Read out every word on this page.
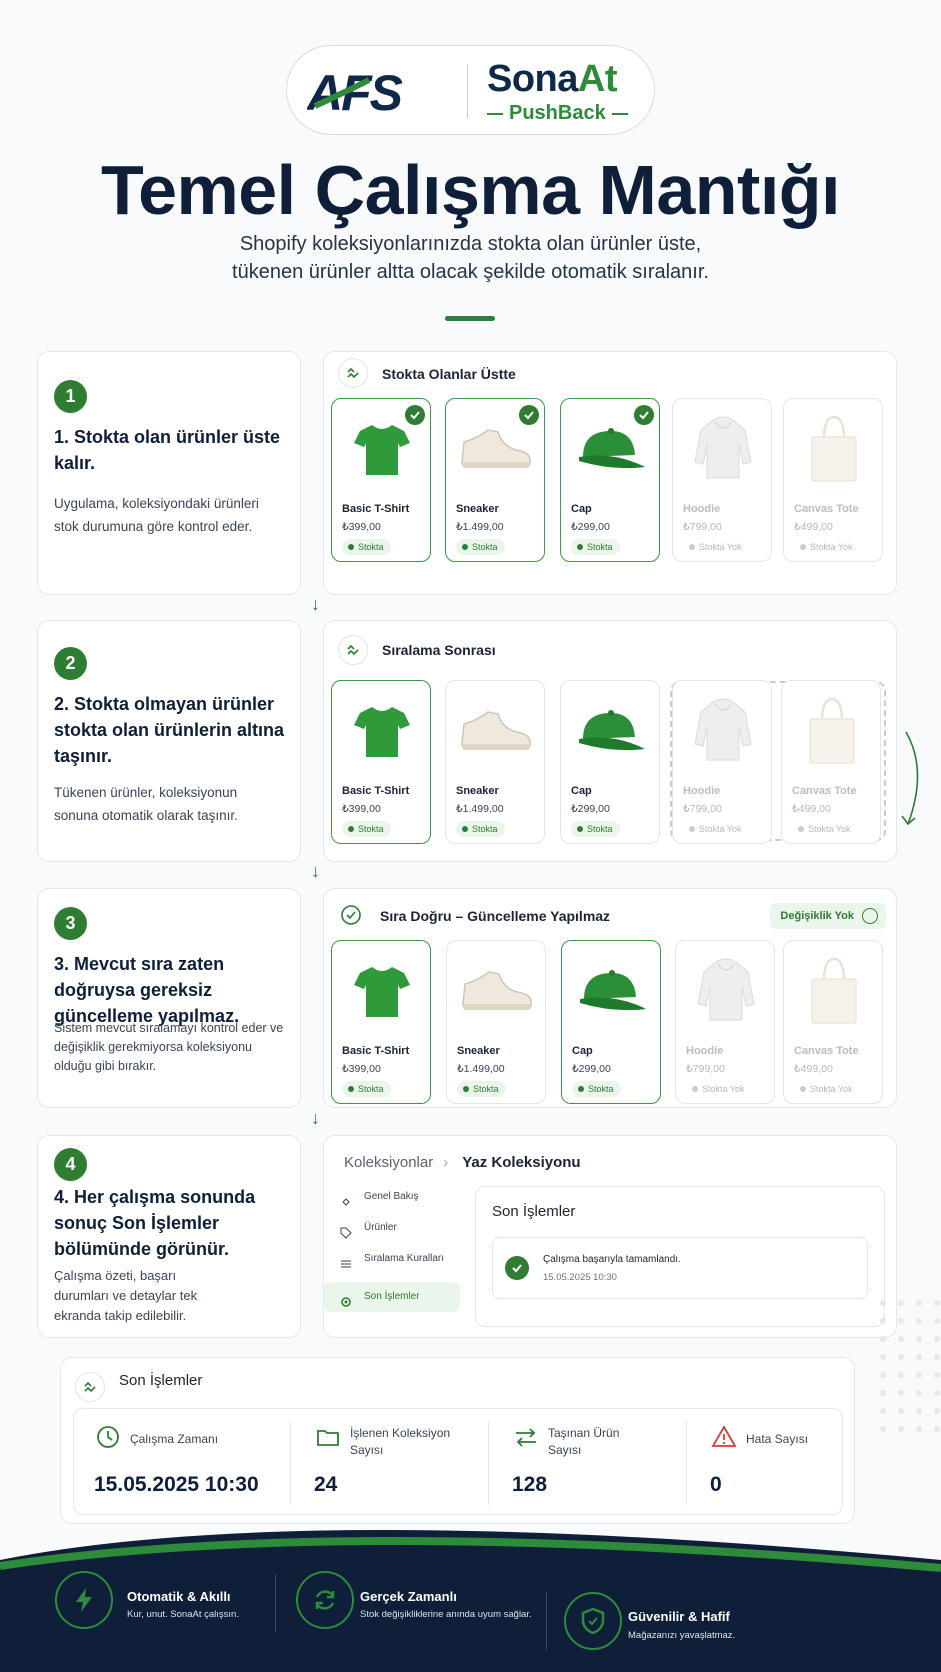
AFS SonaAt
PushBack
Temel Çalışma Mantığı
Shopify koleksiyonlarınızda stokta olan ürünler üste,
tükenen ürünler altta olacak şekilde otomatik sıralanır.
1
1. Stokta olan ürünler üste kalır.
Uygulama, koleksiyondaki ürünleri stok durumuna göre kontrol eder.
Stokta Olanlar Üstte
2
2. Stokta olmayan ürünler stokta olan ürünlerin altına taşınır.
Tükenen ürünler, koleksiyonun sonuna otomatik olarak taşınır.
Sıralama Sonrası
3
3. Mevcut sıra zaten doğruysa gereksiz güncelleme yapılmaz.
Sistem mevcut sıralamayı kontrol eder ve değişiklik gerekmiyorsa koleksiyonu olduğu gibi bırakır.
Sıra Doğru – Güncelleme Yapılmaz	Değişiklik Yok
4
4. Her çalışma sonunda sonuç Son İşlemler bölümünde görünür.
Çalışma özeti, başarı durumları ve detaylar tek ekranda takip edilebilir.
Koleksiyonlar › Yaz Koleksiyonu
Genel Bakış
Ürünler
Sıralama Kuralları
Son İşlemler
Son İşlemler
Çalışma başarıyla tamamlandı.
15.05.2025 10:30
↓
↓
↓
Basic T-Shirt
₺399,00
Stokta
Sneaker
₺1.499,00
Stokta
Cap
₺299,00
Stokta
Hoodie
₺799,00
Stokta Yok
Canvas Tote
₺499,00
Stokta Yok
Basic T-Shirt
₺399,00
Stokta
Sneaker
₺1.499,00
Stokta
Cap
₺299,00
Stokta
Hoodie
₺799,00
Stokta Yok
Canvas Tote
₺499,00
Stokta Yok
Basic T-Shirt
₺399,00
Stokta
Sneaker
₺1.499,00
Stokta
Cap
₺299,00
Stokta
Hoodie
₺799,00
Stokta Yok
Canvas Tote
₺499,00
Stokta Yok
Son İşlemler
Çalışma Zamanı
15.05.2025 10:30
İşlenen Koleksiyon Sayısı
24
Taşınan Ürün Sayısı
128
Hata Sayısı
0
Otomatik & Akıllı
Kur, unut. SonaAt çalışsın.
Gerçek Zamanlı
Stok değişikliklerine anında uyum sağlar.	Güvenilir & Hafif
Mağazanızı yavaşlatmaz.
